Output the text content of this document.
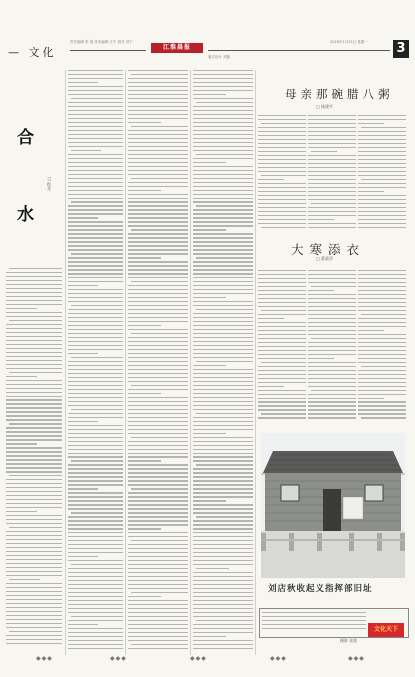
— 文化
责任编辑 张 弛 美术编辑 江中 校对 刘宁
版式设计 刘磊
2016年1月25日 星期一
江淮晨报	3
合
水
□ 程光
母亲那碗腊八粥
□ 杨建平
大寒添衣
□ 葛爱萍
刘店秋收起义指挥部旧址
文化天下
摄影 张凯
◆◆◆	◆◆◆	◆◆◆	◆◆◆	◆◆◆
